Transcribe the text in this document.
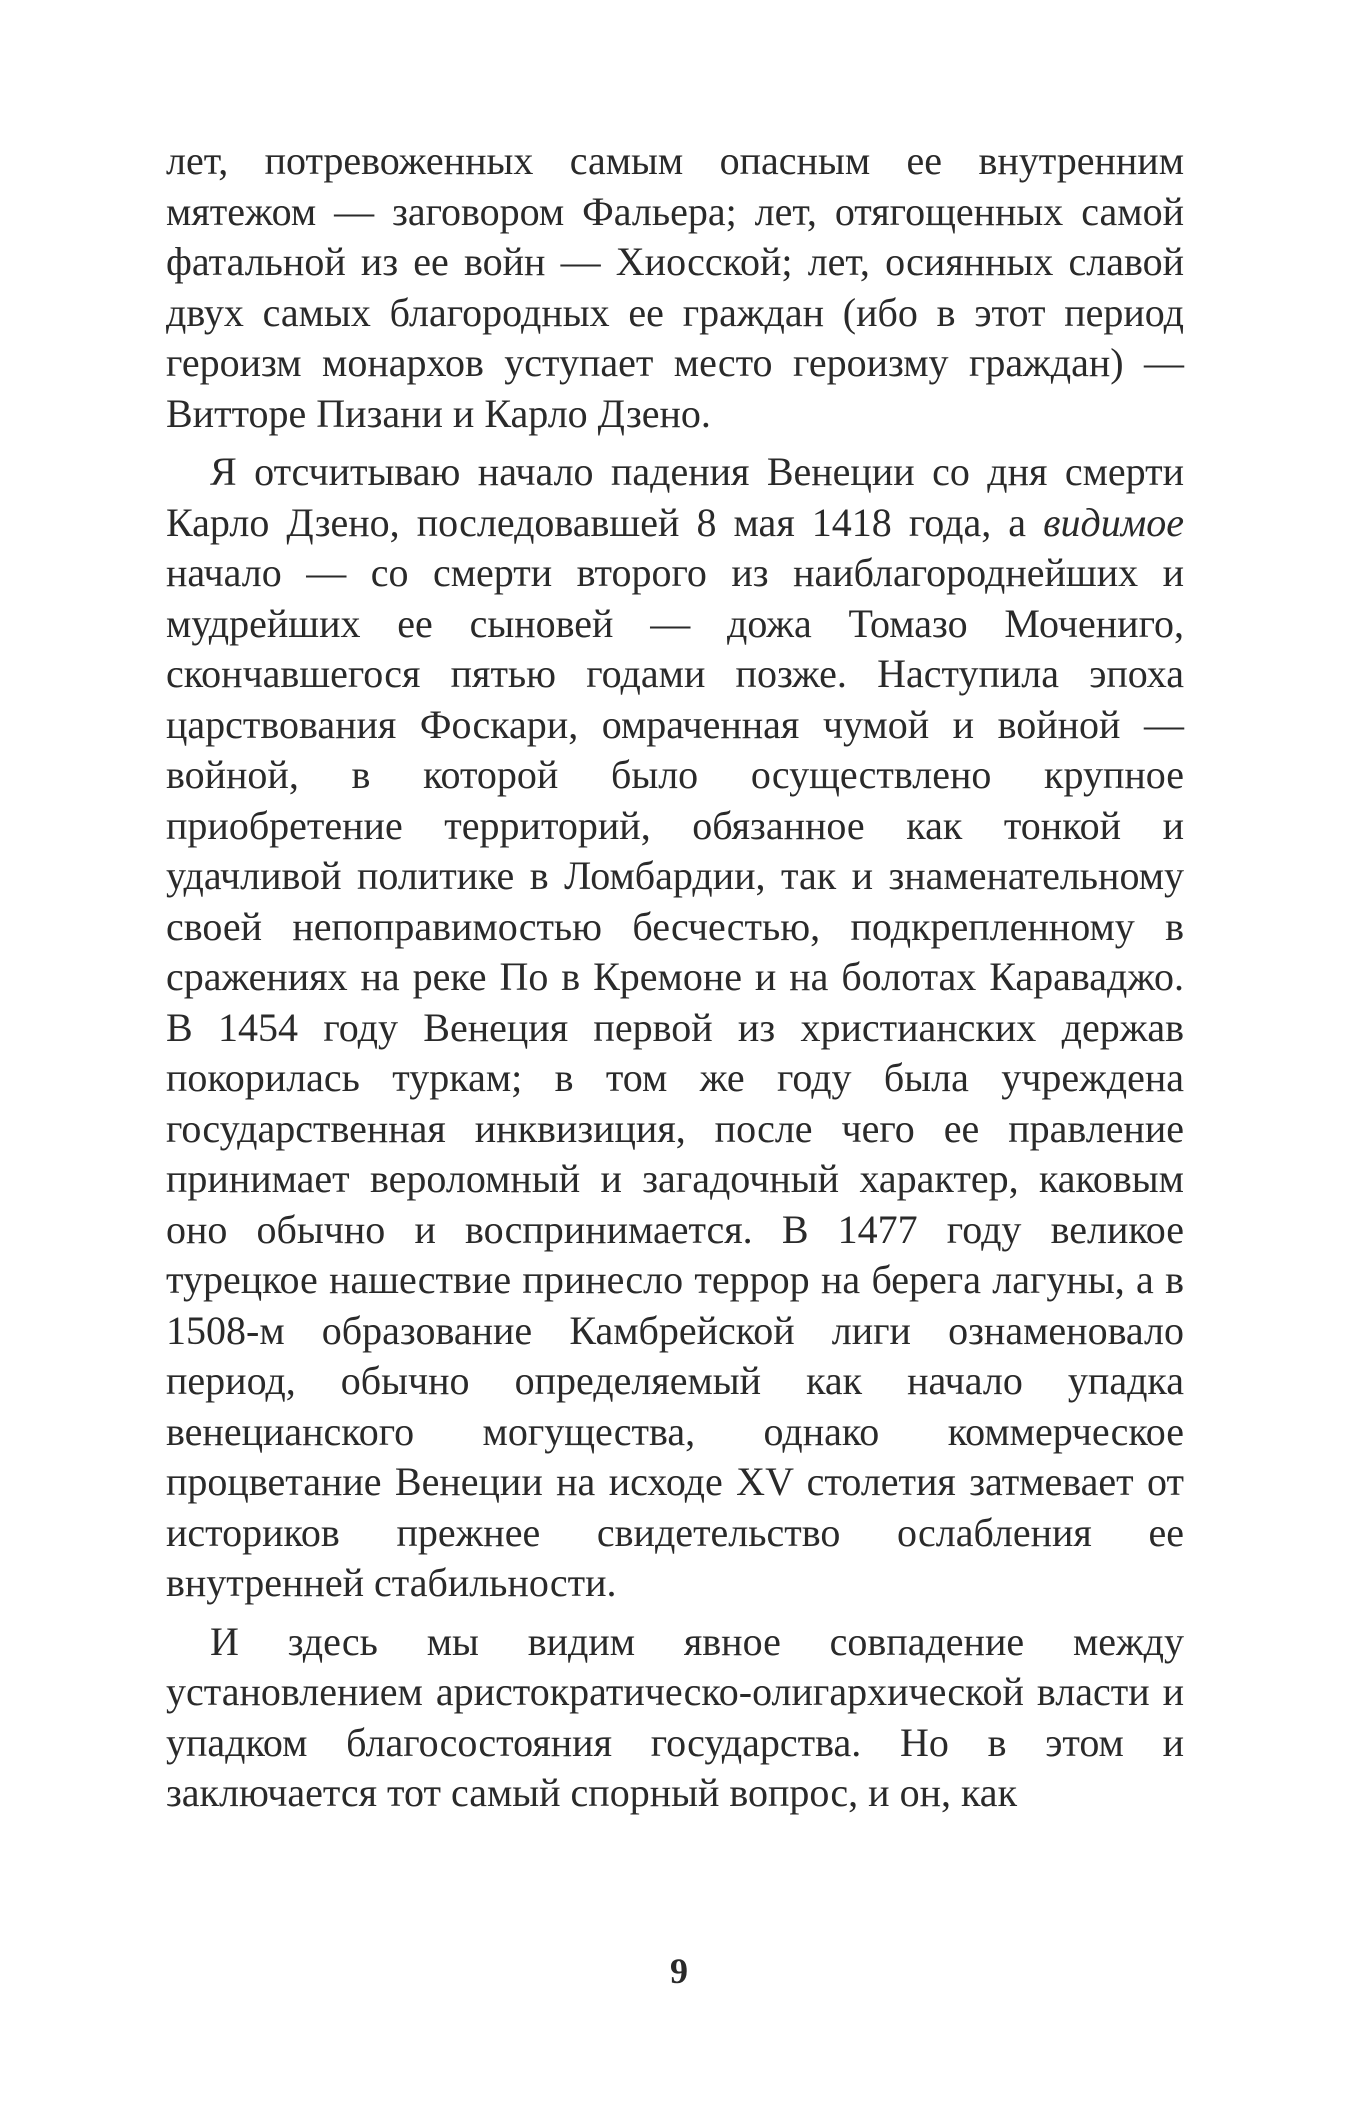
лет, потревоженных самым опасным ее внутренним мятежом — заговором Фальера; лет, отягощенных самой фатальной из ее войн — Хиосской; лет, осиянных славой двух самых благородных ее граждан (ибо в этот период героизм монархов уступает место героизму граждан) — Витторе Пизани и Карло Дзено.

Я отсчитываю начало падения Венеции со дня смерти Карло Дзено, последовавшей 8 мая 1418 года, а видимое начало — со смерти второго из наиблагороднейших и мудрейших ее сыновей — дожа Томазо Мочениго, скончавшегося пятью годами позже. Наступила эпоха царствования Фоскари, омраченная чумой и войной — войной, в которой было осуществлено крупное приобретение территорий, обязанное как тонкой и удачливой политике в Ломбардии, так и знаменательному своей непоправимостью бесчестью, подкрепленному в сражениях на реке По в Кремоне и на болотах Караваджо. В 1454 году Венеция первой из христианских держав покорилась туркам; в том же году была учреждена государственная инквизиция, после чего ее правление принимает вероломный и загадочный характер, каковым оно обычно и воспринимается. В 1477 году великое турецкое нашествие принесло террор на берега лагуны, а в 1508-м образование Камбрейской лиги ознаменовало период, обычно определяемый как начало упадка венецианского могущества, однако коммерческое процветание Венеции на исходе XV столетия затмевает от историков прежнее свидетельство ослабления ее внутренней стабильности.

И здесь мы видим явное совпадение между установлением аристократическо-олигархической власти и упадком благосостояния государства. Но в этом и заключается тот самый спорный вопрос, и он, как

9
